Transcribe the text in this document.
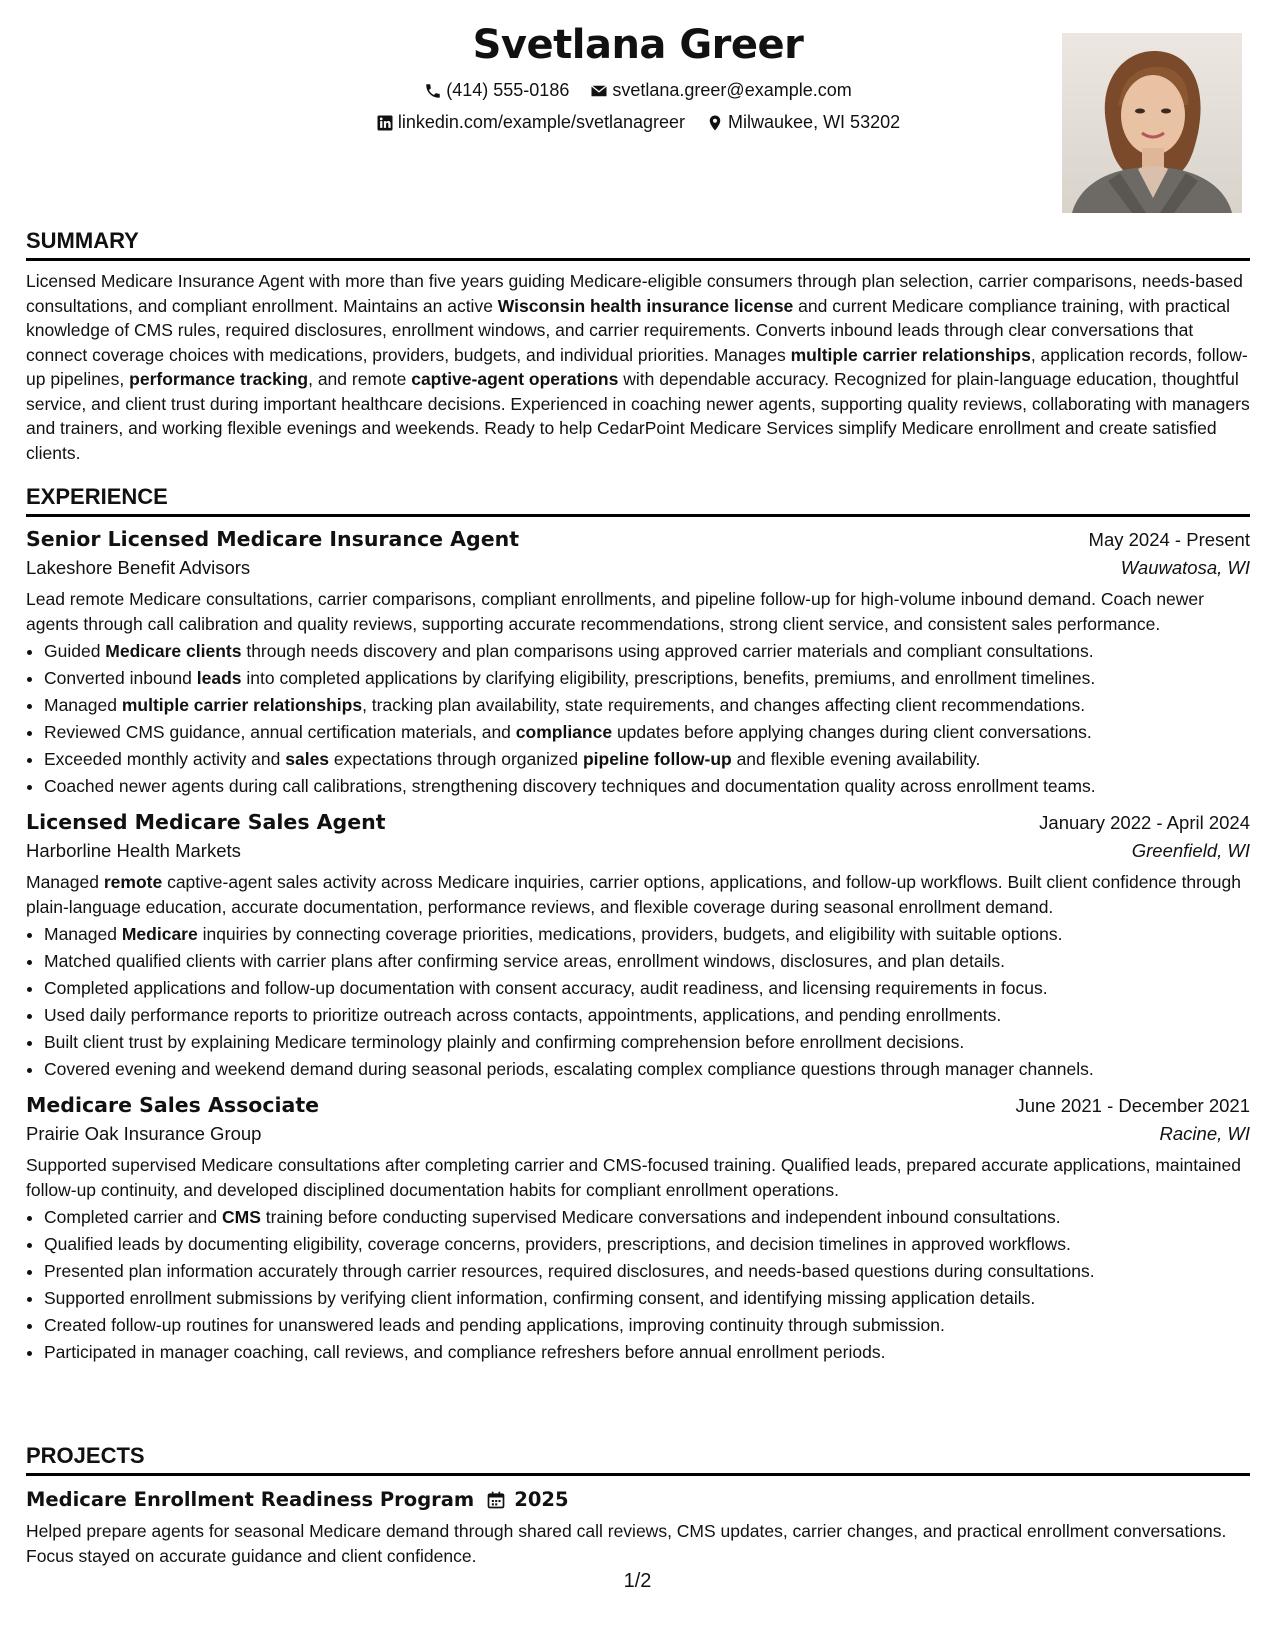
Svetlana Greer
(414) 555-0186
svetlana.greer@example.com
linkedin.com/example/svetlanagreer
Milwaukee, WI 53202
SUMMARY

Licensed Medicare Insurance Agent with more than five years guiding Medicare-eligible consumers through plan selection, carrier comparisons, needs-based consultations, and compliant enrollment. Maintains an active Wisconsin health insurance license and current Medicare compliance training, with practical knowledge of CMS rules, required disclosures, enrollment windows, and carrier requirements. Converts inbound leads through clear conversations that connect coverage choices with medications, providers, budgets, and individual priorities. Manages multiple carrier relationships, application records, follow-up pipelines, performance tracking, and remote captive-agent operations with dependable accuracy. Recognized for plain-language education, thoughtful service, and client trust during important healthcare decisions. Experienced in coaching newer agents, supporting quality reviews, collaborating with managers and trainers, and working flexible evenings and weekends. Ready to help CedarPoint Medicare Services simplify Medicare enrollment and create satisfied clients.

EXPERIENCE
Senior Licensed Medicare Insurance Agent	May 2024 - Present
Lakeshore Benefit Advisors	Wauwatosa, WI

Lead remote Medicare consultations, carrier comparisons, compliant enrollments, and pipeline follow-up for high-volume inbound demand. Coach newer agents through call calibration and quality reviews, supporting accurate recommendations, strong client service, and consistent sales performance.

• Guided Medicare clients through needs discovery and plan comparisons using approved carrier materials and compliant consultations.
• Converted inbound leads into completed applications by clarifying eligibility, prescriptions, benefits, premiums, and enrollment timelines.
• Managed multiple carrier relationships, tracking plan availability, state requirements, and changes affecting client recommendations.
• Reviewed CMS guidance, annual certification materials, and compliance updates before applying changes during client conversations.
• Exceeded monthly activity and sales expectations through organized pipeline follow-up and flexible evening availability.
• Coached newer agents during call calibrations, strengthening discovery techniques and documentation quality across enrollment teams.
Licensed Medicare Sales Agent	January 2022 - April 2024
Harborline Health Markets	Greenfield, WI

Managed remote captive-agent sales activity across Medicare inquiries, carrier options, applications, and follow-up workflows. Built client confidence through plain-language education, accurate documentation, performance reviews, and flexible coverage during seasonal enrollment demand.

• Managed Medicare inquiries by connecting coverage priorities, medications, providers, budgets, and eligibility with suitable options.
• Matched qualified clients with carrier plans after confirming service areas, enrollment windows, disclosures, and plan details.
• Completed applications and follow-up documentation with consent accuracy, audit readiness, and licensing requirements in focus.
• Used daily performance reports to prioritize outreach across contacts, appointments, applications, and pending enrollments.
• Built client trust by explaining Medicare terminology plainly and confirming comprehension before enrollment decisions.
• Covered evening and weekend demand during seasonal periods, escalating complex compliance questions through manager channels.
Medicare Sales Associate	June 2021 - December 2021
Prairie Oak Insurance Group	Racine, WI

Supported supervised Medicare consultations after completing carrier and CMS-focused training. Qualified leads, prepared accurate applications, maintained follow-up continuity, and developed disciplined documentation habits for compliant enrollment operations.

• Completed carrier and CMS training before conducting supervised Medicare conversations and independent inbound consultations.
• Qualified leads by documenting eligibility, coverage concerns, providers, prescriptions, and decision timelines in approved workflows.
• Presented plan information accurately through carrier resources, required disclosures, and needs-based questions during consultations.
• Supported enrollment submissions by verifying client information, confirming consent, and identifying missing application details.
• Created follow-up routines for unanswered leads and pending applications, improving continuity through submission.
• Participated in manager coaching, call reviews, and compliance refreshers before annual enrollment periods.
PROJECTS
Medicare Enrollment Readiness Program 2025

Helped prepare agents for seasonal Medicare demand through shared call reviews, CMS updates, carrier changes, and practical enrollment conversations. Focus stayed on accurate guidance and client confidence.

1/2
